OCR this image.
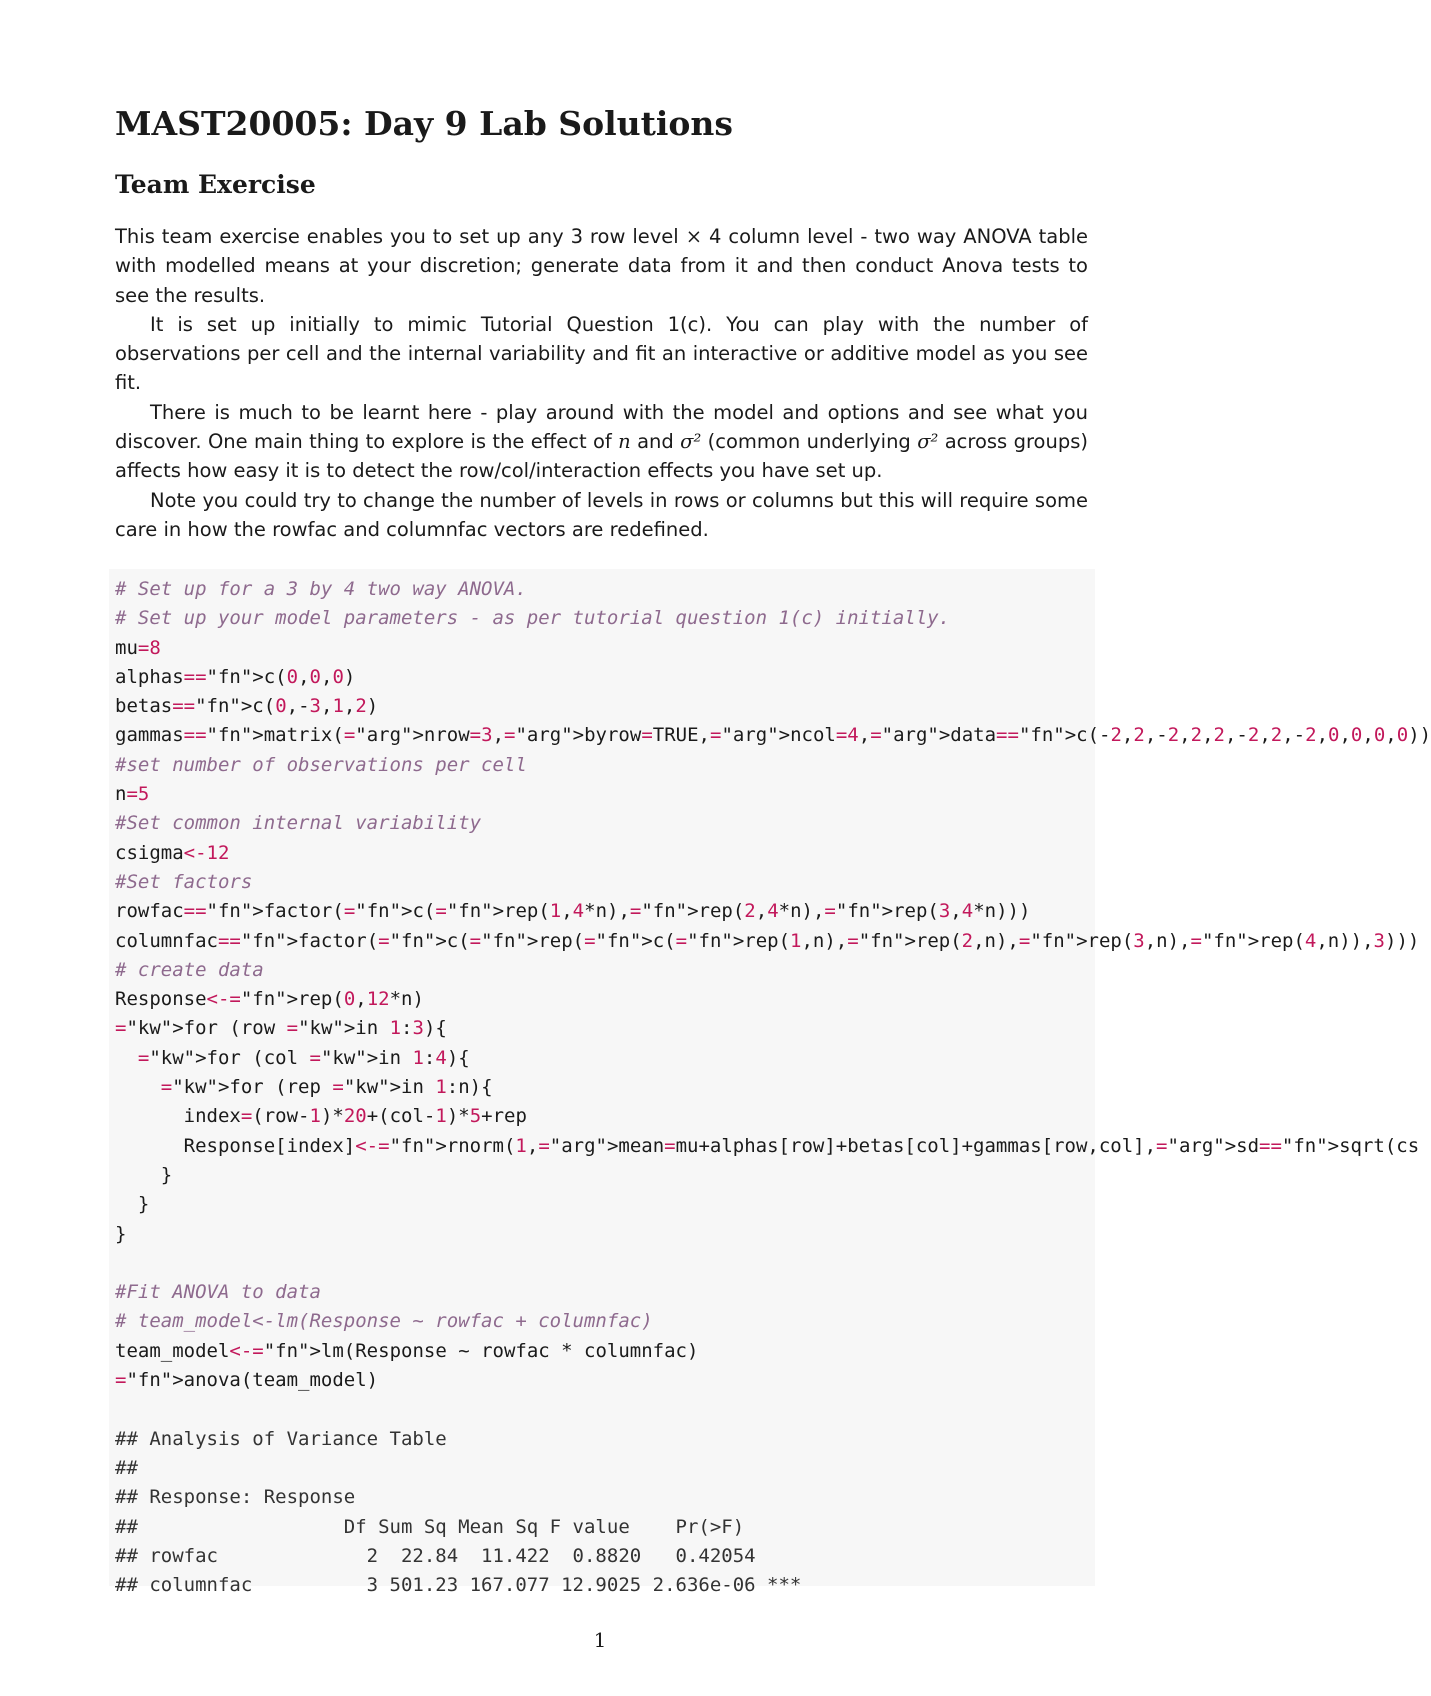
MAST20005: Day 9 Lab Solutions
Team Exercise

This team exercise enables you to set up any 3 row level × 4 column level - two way ANOVA table with modelled means at your discretion; generate data from it and then conduct Anova tests to see the results.

It is set up initially to mimic Tutorial Question 1(c). You can play with the number of observations per cell and the internal variability and fit an interactive or additive model as you see fit.

There is much to be learnt here - play around with the model and options and see what you discover. One main thing to explore is the effect of n and σ² (common underlying σ² across groups) affects how easy it is to detect the row/col/interaction effects you have set up.

Note you could try to change the number of levels in rows or columns but this will require some care in how the rowfac and columnfac vectors are redefined.

# Set up for a 3 by 4 two way ANOVA.
# Set up your model parameters - as per tutorial question 1(c) initially.
mu=8
alphas=="fn">c(0,0,0)
betas=="fn">c(0,-3,1,2)
gammas=="fn">matrix(="arg">nrow=3,="arg">byrow=TRUE,="arg">ncol=4,="arg">data=="fn">c(-2,2,-2,2,2,-2,2,-2,0,0,0,0))
#set number of observations per cell
n=5
#Set common internal variability
csigma<-12
#Set factors
rowfac=="fn">factor(="fn">c(="fn">rep(1,4*n),="fn">rep(2,4*n),="fn">rep(3,4*n)))
columnfac=="fn">factor(="fn">c(="fn">rep(="fn">c(="fn">rep(1,n),="fn">rep(2,n),="fn">rep(3,n),="fn">rep(4,n)),3)))
# create data
Response<-="fn">rep(0,12*n)
="kw">for (row ="kw">in 1:3){
="kw">for (col ="kw">in 1:4){
="kw">for (rep ="kw">in 1:n){
index=(row-1)*20+(col-1)*5+rep
Response[index]<-="fn">rnorm(1,="arg">mean=mu+alphas[row]+betas[col]+gammas[row,col],="arg">sd=="fn">sqrt(cs
}
}
}

#Fit ANOVA to data
# team_model<-lm(Response ~ rowfac + columnfac)
team_model<-="fn">lm(Response ~ rowfac * columnfac)
="fn">anova(team_model)

## Analysis of Variance Table
##
## Response: Response
##                  Df Sum Sq Mean Sq F value    Pr(>F)
## rowfac             2  22.84  11.422  0.8820   0.42054
## columnfac          3 501.23 167.077 12.9025 2.636e-06 ***
1
